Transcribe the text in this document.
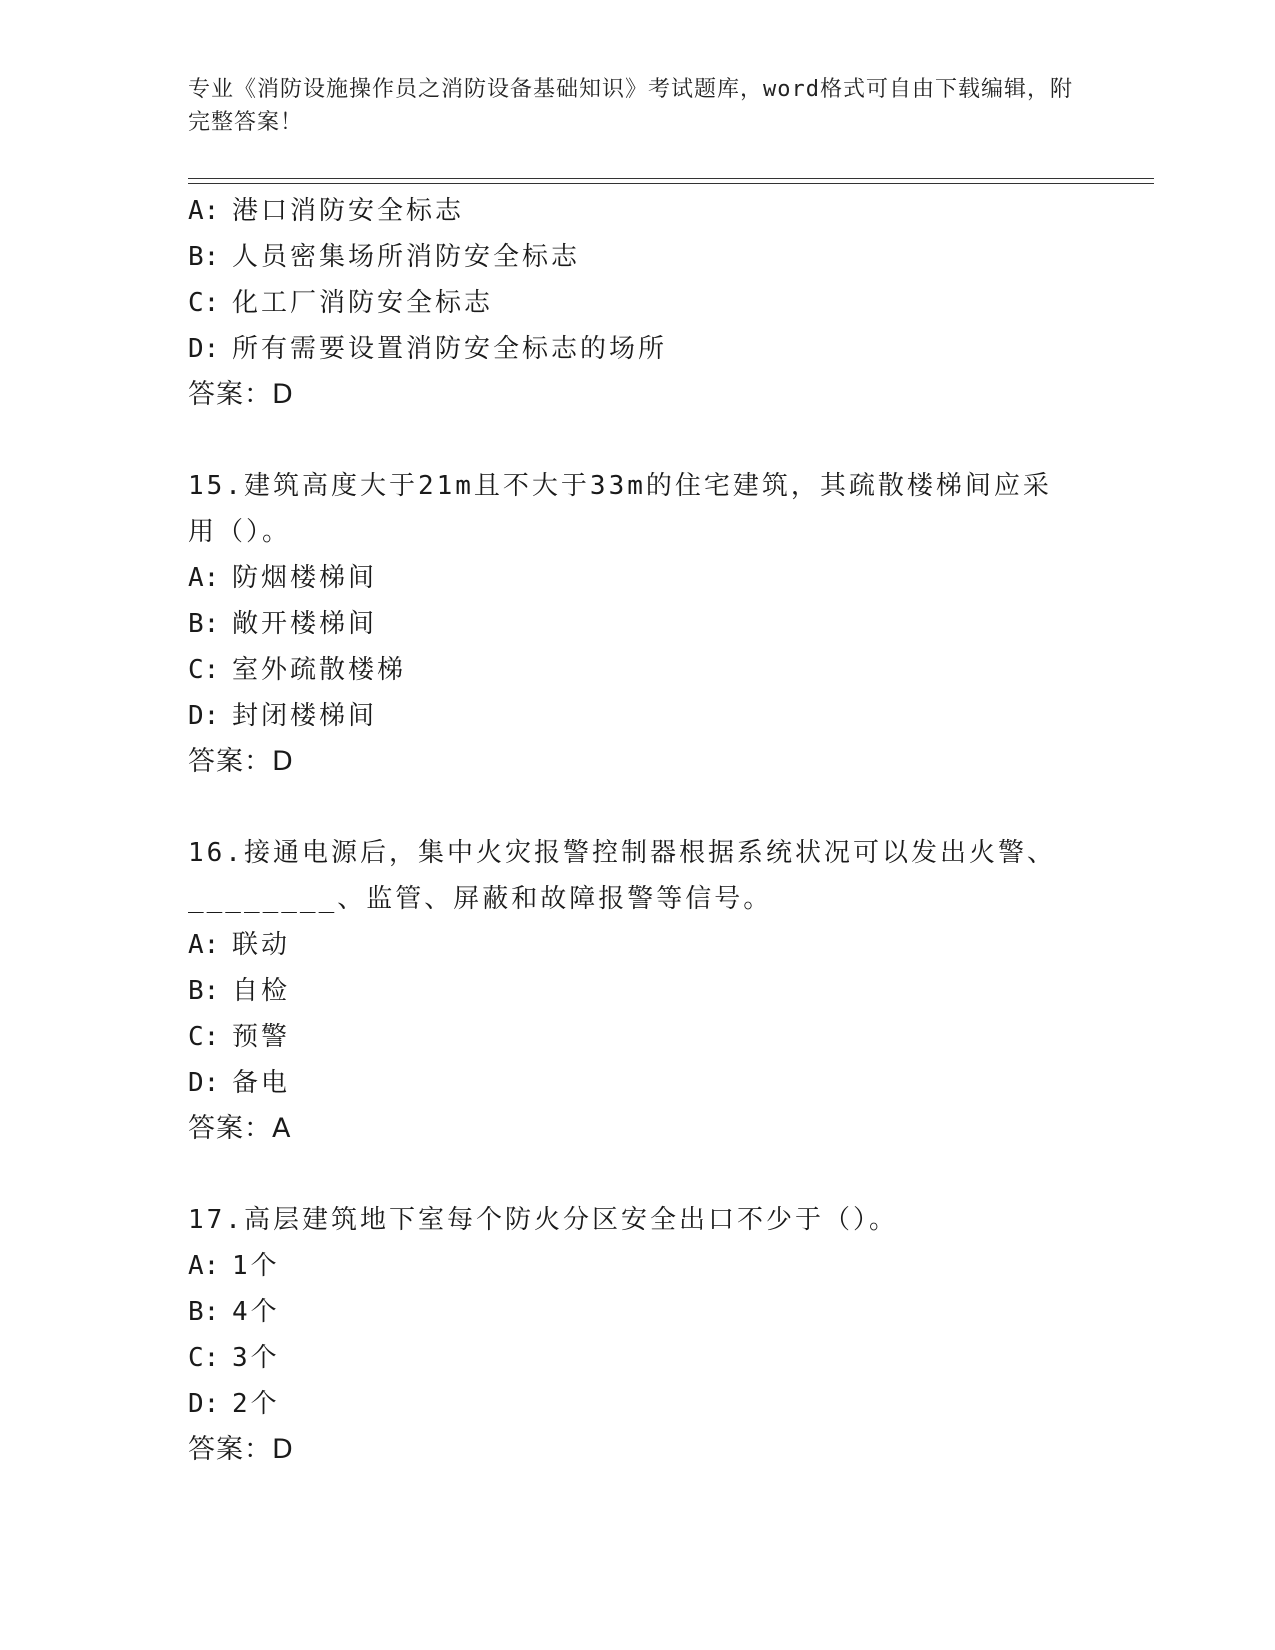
专业《消防设施操作员之消防设备基础知识》考试题库，word格式可自由下载编辑，附完整答案！
A: 港口消防安全标志
B: 人员密集场所消防安全标志
C: 化工厂消防安全标志
D: 所有需要设置消防安全标志的场所
答案：D
15.建筑高度大于21m且不大于33m的住宅建筑，其疏散楼梯间应采用（）。
A: 防烟楼梯间
B: 敞开楼梯间
C: 室外疏散楼梯
D: 封闭楼梯间
答案：D
16.接通电源后，集中火灾报警控制器根据系统状况可以发出火警、________、监管、屏蔽和故障报警等信号。
A: 联动
B: 自检
C: 预警
D: 备电
答案：A
17.高层建筑地下室每个防火分区安全出口不少于（）。
A: 1个
B: 4个
C: 3个
D: 2个
答案：D
